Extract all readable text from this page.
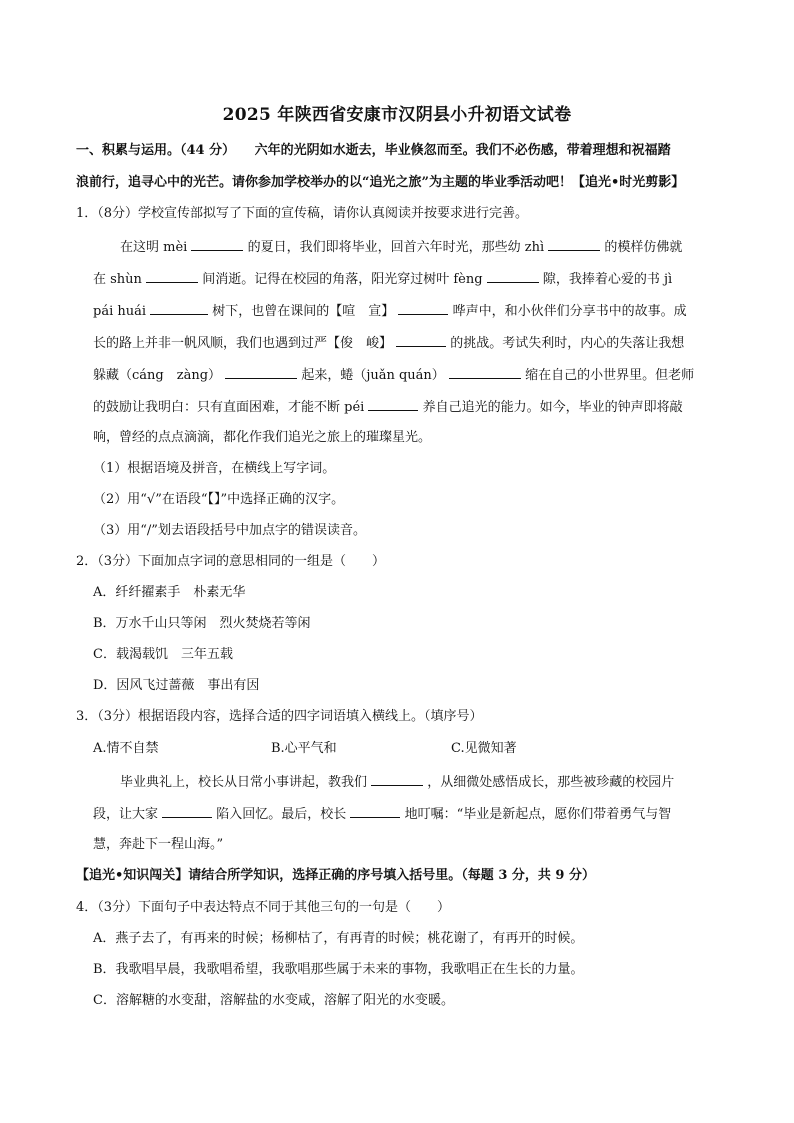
2025 年陕西省安康市汉阴县小升初语文试卷
一、积累与运用。（44 分）　　六年的光阴如水逝去，毕业倏忽而至。我们不必伤感，带着理想和祝福踏
浪前行，追寻心中的光芒。请你参加学校举办的以“追光之旅”为主题的毕业季活动吧！【追光•时光剪影】
1．（8分）学校宣传部拟写了下面的宣传稿，请你认真阅读并按要求进行完善。
在这明 mèi	的夏日，我们即将毕业，回首六年时光，那些幼 zhì	的模样仿佛就
在 shùn	间消逝。记得在校园的角落，阳光穿过树叶 fèng	隙，我捧着心爱的书 jì
pái huái	树下，也曾在课间的【喧　宣】	哗声中，和小伙伴们分享书中的故事。成
长的路上并非一帆风顺，我们也遇到过严【俊　峻】	的挑战。考试失利时，内心的失落让我想
躲藏（cáng　zàng）	起来，蜷（juǎn quán）	缩在自己的小世界里。但老师
的鼓励让我明白：只有直面困难，才能不断 péi	养自己追光的能力。如今，毕业的钟声即将敲
响，曾经的点点滴滴，都化作我们追光之旅上的璀璨星光。
（1）根据语境及拼音，在横线上写字词。
（2）用“√”在语段“【】”中选择正确的汉字。
（3）用“/”划去语段括号中加点字的错误读音。
2．（3分）下面加点字词的意思相同的一组是（　　）
A．纤纤擢素手　朴素无华
B．万水千山只等闲　烈火焚烧若等闲
C．载渴载饥　三年五载
D．因风飞过蔷薇　事出有因
3．（3分）根据语段内容，选择合适的四字词语填入横线上。（填序号）
A.情不自禁	B.心平气和	C.见微知著
毕业典礼上，校长从日常小事讲起，教我们	，从细微处感悟成长，那些被珍藏的校园片
段，让大家	陷入回忆。最后，校长	地叮嘱：“毕业是新起点，愿你们带着勇气与智
慧，奔赴下一程山海。”
【追光•知识闯关】请结合所学知识，选择正确的序号填入括号里。（每题 3 分，共 9 分）
4．（3分）下面句子中表达特点不同于其他三句的一句是（　　）
A．燕子去了，有再来的时候；杨柳枯了，有再青的时候；桃花谢了，有再开的时候。
B．我歌唱早晨，我歌唱希望，我歌唱那些属于未来的事物，我歌唱正在生长的力量。
C．溶解糖的水变甜，溶解盐的水变咸，溶解了阳光的水变暖。
